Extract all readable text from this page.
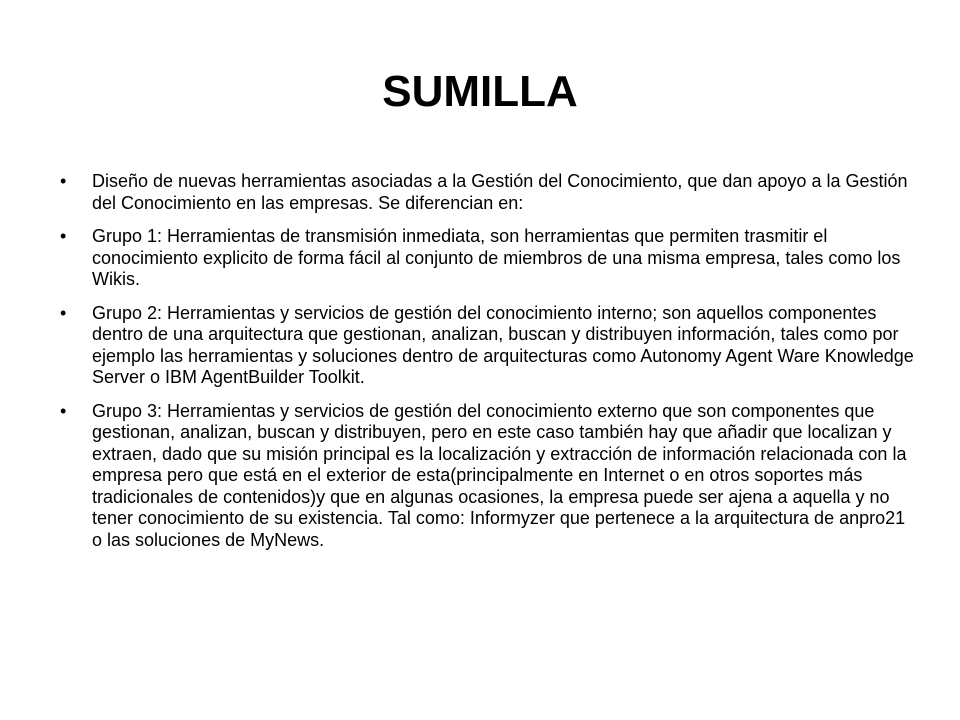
SUMILLA
• Diseño de nuevas herramientas asociadas a la Gestión del Conocimiento, que dan apoyo a la Gestión del Conocimiento en las empresas. Se diferencian en:
• Grupo 1: Herramientas de transmisión inmediata, son herramientas que permiten trasmitir el conocimiento explicito de forma fácil al conjunto de miembros de una misma empresa, tales como los Wikis.
• Grupo 2: Herramientas y servicios de gestión del conocimiento interno; son aquellos componentes dentro de una arquitectura que gestionan, analizan, buscan y distribuyen información, tales como por ejemplo las herramientas y soluciones dentro de arquitecturas como Autonomy Agent Ware Knowledge Server o IBM AgentBuilder Toolkit.
• Grupo 3: Herramientas y servicios de gestión del conocimiento externo que son componentes que gestionan, analizan, buscan y distribuyen, pero en este caso también hay que añadir que localizan y extraen, dado que su misión principal es la localización y extracción de información relacionada con la empresa pero que está en el exterior de esta(principalmente en Internet o en otros soportes más tradicionales de contenidos)y que en algunas ocasiones, la empresa puede ser ajena a aquella y no tener conocimiento de su existencia. Tal como: Informyzer que pertenece a la arquitectura de anpro21 o las soluciones de MyNews.
